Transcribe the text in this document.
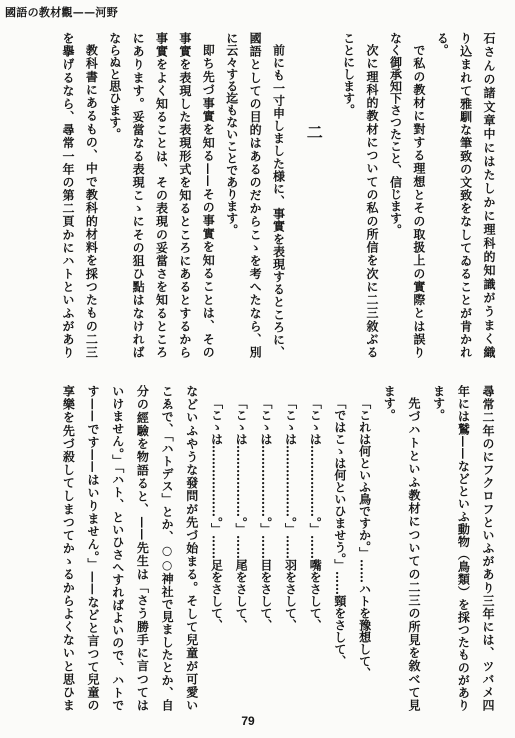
國語の教材觀——河野
石さんの諸文章中にはたしかに理科的知識がうまく織
り込まれて雅馴な筆致の文致をなしてゐることが肯かれ
る。
で私の教材に對する理想とその取扱上の實際とは誤り
なく御承知下さつたこと、信じます。
次に理科的教材についての私の所信を次に二三敘ぶる
ことにします。
二
前にも一寸申しました様に、事實を表現するところに、
國語としての目的はあるのだからこゝを考へたなら、別
に云々する迄もないことであります。
即ち先づ事實を知る——その事實を知ることは、その
事實を表現した表現形式を知るところにあるとするから
事實をよく知ることは、その表現の妥當さを知るところ
にあります。妥當なる表現こゝにその狙ひ點はなければ
ならぬと思ひます。
教科書にあるもの、中で教科的材料を採つたもの二三
を擧げるなら、尋常一年の第二頁かにハトといふがあり
尋常二年のにフクロフといふがあり三年には、ツバメ四
年には鷲——などといふ動物（鳥類）を採つたものがあり
ます。
先づハトといふ教材についての二三の所見を敘べて見
ます。
「これは何といふ鳥ですか。」……ハトを豫想して、
「ではこゝは何といひませう。」……頸をさして、
「こゝは………………。」……嘴をさして、
「こゝは………………。」……羽をさして、
「こゝは………………。」……目をさして、
「こゝは………………。」……尾をさして、
「こゝは………………。」……足をさして、
などいふやうな發問が先づ始まる。そして兒童が可愛い
こゑで、「ハトデス」とか、○○神社で見ましたとか、自
分の經驗を物語ると、——先生は「さう勝手に言つては
いけません。」「ハト、といひさへすればよいので、ハトで
す——です——はいりません。」——などと言つて兒童の
享樂を先づ殺してしまつてかゝるからよくないと思ひま
79
